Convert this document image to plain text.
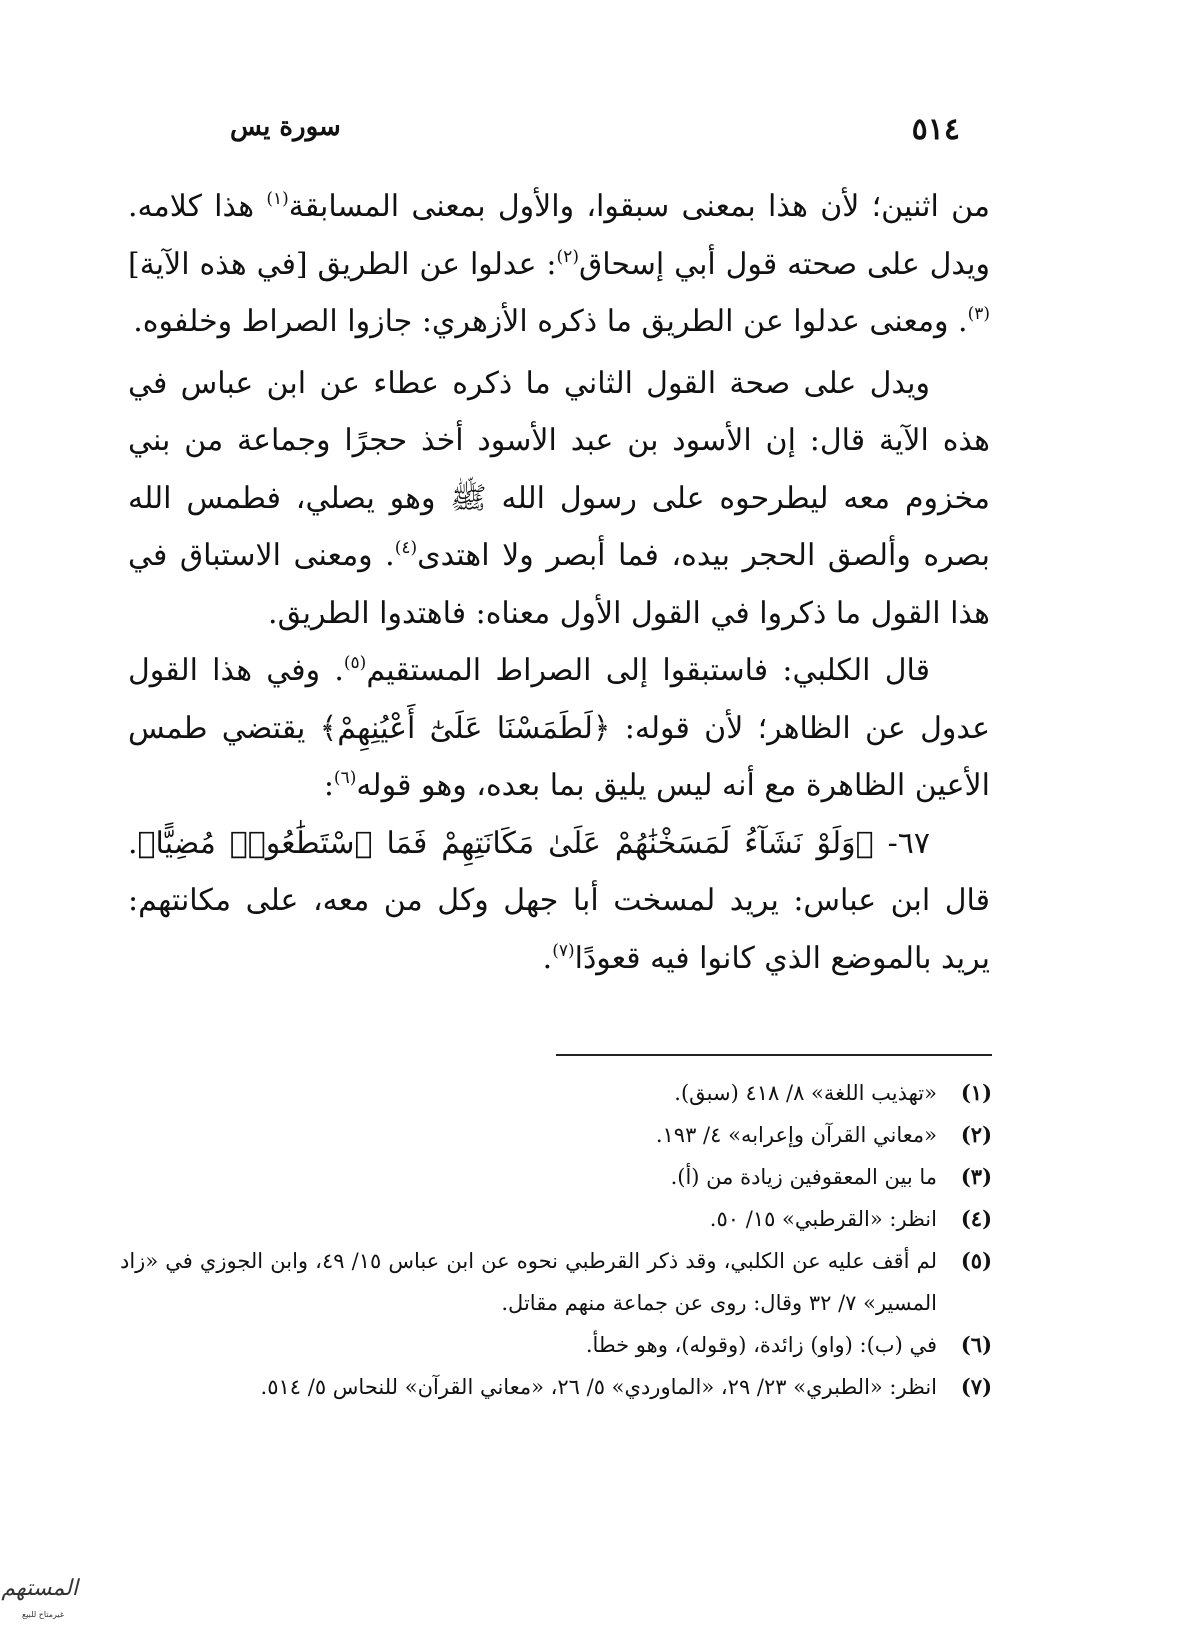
٥١٤
سورة يس

من اثنين؛ لأن هذا بمعنى سبقوا، والأول بمعنى المسابقة$^{(١)}$ هذا كلامه. ويدل على صحته قول أبي إسحاق$^{(٢)}$: عدلوا عن الطريق [في هذه الآية]$^{(٣)}$. ومعنى عدلوا عن الطريق ما ذكره الأزهري: جازوا الصراط وخلفوه.

ويدل على صحة القول الثاني ما ذكره عطاء عن ابن عباس في هذه الآية قال: إن الأسود بن عبد الأسود أخذ حجرًا وجماعة من بني مخزوم معه ليطرحوه على رسول الله ﷺ وهو يصلي، فطمس الله بصره وألصق الحجر بيده، فما أبصر ولا اهتدى$^{(٤)}$. ومعنى الاستباق في هذا القول ما ذكروا في القول الأول معناه: فاهتدوا الطريق.

قال الكلبي: فاستبقوا إلى الصراط المستقيم$^{(٥)}$. وفي هذا القول عدول عن الظاهر؛ لأن قوله: ﴿لَطَمَسْنَا عَلَىٰٓ أَعْيُنِهِمْ﴾ يقتضي طمس الأعين الظاهرة مع أنه ليس يليق بما بعده، وهو قوله$^{(٦)}$:

٦٧- ﴿وَلَوْ نَشَآءُ لَمَسَخْنَٰهُمْ عَلَىٰ مَكَانَتِهِمْ فَمَا ٱسْتَطَٰعُوا۟ مُضِيًّا﴾. قال ابن عباس: يريد لمسخت أبا جهل وكل من معه، على مكانتهم: يريد بالموضع الذي كانوا فيه قعودًا$^{(٧)}$.

(١)
«تهذيب اللغة» ٨/ ٤١٨ (سبق).

(٢)
«معاني القرآن وإعرابه» ٤/ ١٩٣.

(٣)
ما بين المعقوفين زيادة من (أ).

(٤)
انظر: «القرطبي» ١٥/ ٥٠.

(٥)
لم أقف عليه عن الكلبي، وقد ذكر القرطبي نحوه عن ابن عباس ١٥/ ٤٩، وابن الجوزي في «زاد المسير» ٧/ ٣٢ وقال: روى عن جماعة منهم مقاتل.

(٦)
في (ب): (واو) زائدة، (وقوله)، وهو خطأ.

(٧)
انظر: «الطبري» ٢٣/ ٢٩، «الماوردي» ٥/ ٢٦، «معاني القرآن» للنحاس ٥/ ٥١٤.

المستهم
غيرمتاح للبيع
